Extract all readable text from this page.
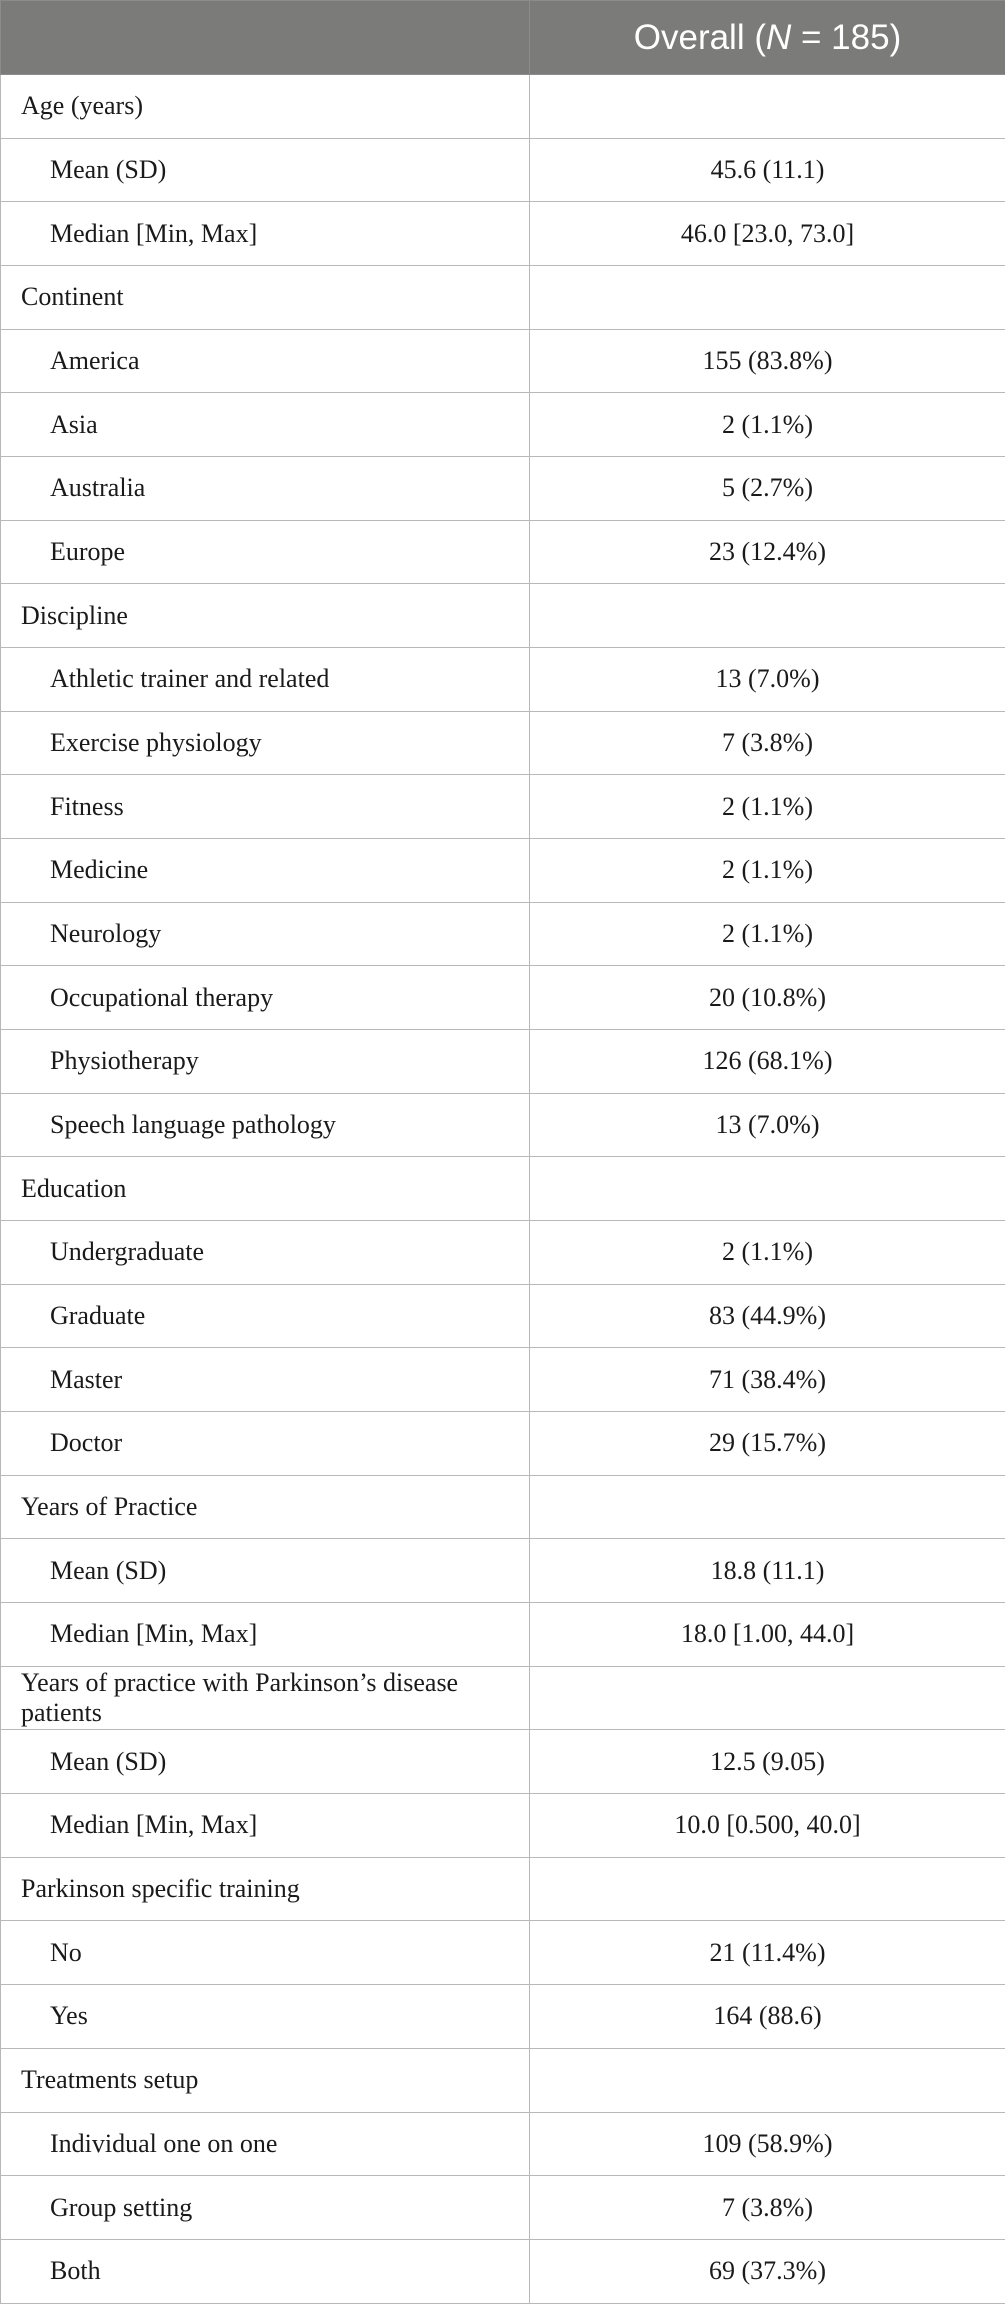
	Overall (N = 185)
Age (years)	
Mean (SD)	45.6 (11.1)
Median [Min, Max]	46.0 [23.0, 73.0]
Continent	
America	155 (83.8%)
Asia	2 (1.1%)
Australia	5 (2.7%)
Europe	23 (12.4%)
Discipline	
Athletic trainer and related	13 (7.0%)
Exercise physiology	7 (3.8%)
Fitness	2 (1.1%)
Medicine	2 (1.1%)
Neurology	2 (1.1%)
Occupational therapy	20 (10.8%)
Physiotherapy	126 (68.1%)
Speech language pathology	13 (7.0%)
Education	
Undergraduate	2 (1.1%)
Graduate	83 (44.9%)
Master	71 (38.4%)
Doctor	29 (15.7%)
Years of Practice	
Mean (SD)	18.8 (11.1)
Median [Min, Max]	18.0 [1.00, 44.0]
Years of practice with Parkinson’s disease patients	
Mean (SD)	12.5 (9.05)
Median [Min, Max]	10.0 [0.500, 40.0]
Parkinson specific training	
No	21 (11.4%)
Yes	164 (88.6)
Treatments setup	
Individual one on one	109 (58.9%)
Group setting	7 (3.8%)
Both	69 (37.3%)
